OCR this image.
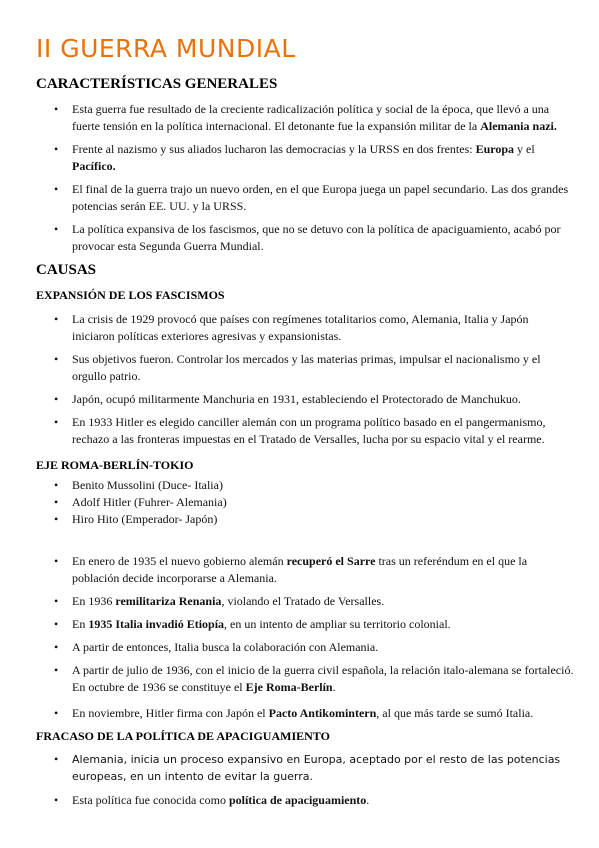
II GUERRA MUNDIAL
CARACTERÍSTICAS GENERALES
• Esta guerra fue resultado de la creciente radicalización política y social de la época, que llevó a una fuerte tensión en la política internacional. El detonante fue la expansión militar de la Alemania nazi.
• Frente al nazismo y sus aliados lucharon las democracias y la URSS en dos frentes: Europa y el Pacífico.
• El final de la guerra trajo un nuevo orden, en el que Europa juega un papel secundario. Las dos grandes potencias serán EE. UU. y la URSS.
• La política expansiva de los fascismos, que no se detuvo con la política de apaciguamiento, acabó por provocar esta Segunda Guerra Mundial.
CAUSAS
EXPANSIÓN DE LOS FASCISMOS
• La crisis de 1929 provocó que países con regímenes totalitarios como, Alemania, Italia y Japón iniciaron políticas exteriores agresivas y expansionistas.
• Sus objetivos fueron. Controlar los mercados y las materias primas, impulsar el nacionalismo y el orgullo patrio.
• Japón, ocupó militarmente Manchuria en 1931, estableciendo el Protectorado de Manchukuo.
• En 1933 Hitler es elegido canciller alemán con un programa político basado en el pangermanismo, rechazo a las fronteras impuestas en el Tratado de Versalles, lucha por su espacio vital y el rearme.
EJE ROMA-BERLÍN-TOKIO
• Benito Mussolini (Duce- Italia)
• Adolf Hitler (Fuhrer- Alemania)
• Hiro Hito (Emperador- Japón)
• En enero de 1935 el nuevo gobierno alemán recuperó el Sarre tras un referéndum en el que la población decide incorporarse a Alemania.
• En 1936 remilitariza Renania, violando el Tratado de Versalles.
• En 1935 Italia invadió Etiopía, en un intento de ampliar su territorio colonial.
• A partir de entonces, Italia busca la colaboración con Alemania.
• A partir de julio de 1936, con el inicio de la guerra civil española, la relación italo-alemana se fortaleció. En octubre de 1936 se constituye el Eje Roma-Berlín.
• En noviembre, Hitler firma con Japón el Pacto Antikomintern, al que más tarde se sumó Italia.
FRACASO DE LA POLÍTICA DE APACIGUAMIENTO
• Alemania, inicia un proceso expansivo en Europa, aceptado por el resto de las potencias europeas, en un intento de evitar la guerra.
• Esta política fue conocida como política de apaciguamiento.
